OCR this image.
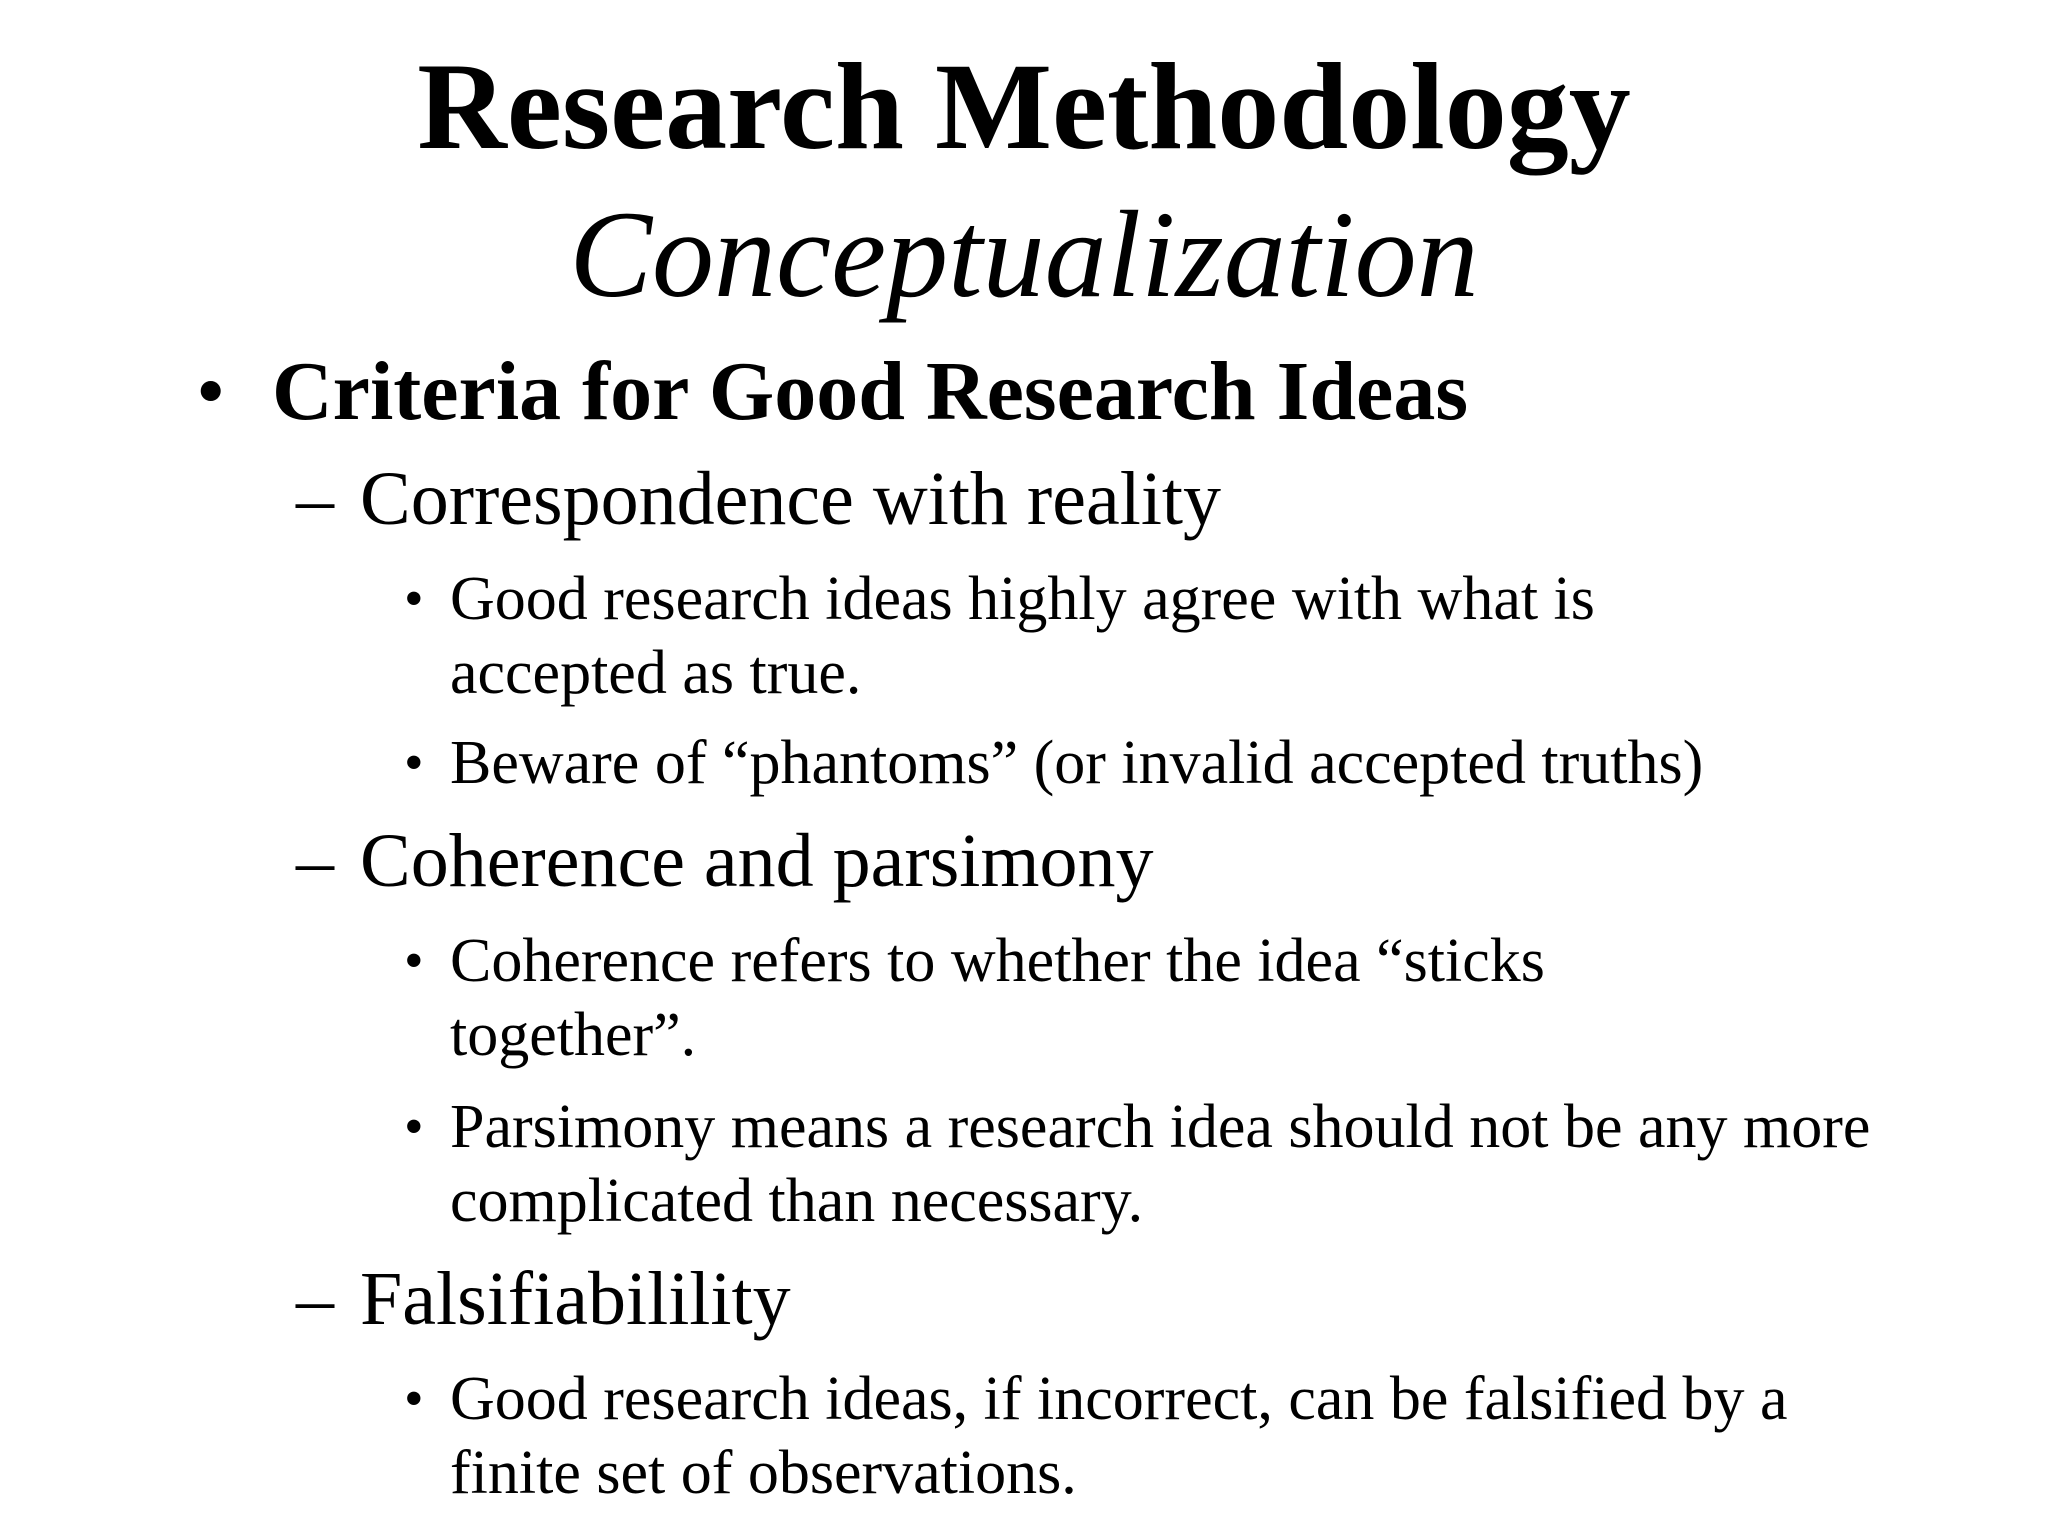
Research Methodology
Conceptualization
• Criteria for Good Research Ideas
– Correspondence with reality
• Good research ideas highly agree with what is accepted as true.
• Beware of “phantoms” (or invalid accepted truths)
– Coherence and parsimony
• Coherence refers to whether the idea “sticks together”.
• Parsimony means a research idea should not be any more complicated than necessary.
– Falsifiabilility
• Good research ideas, if incorrect, can be falsified by a finite set of observations.
